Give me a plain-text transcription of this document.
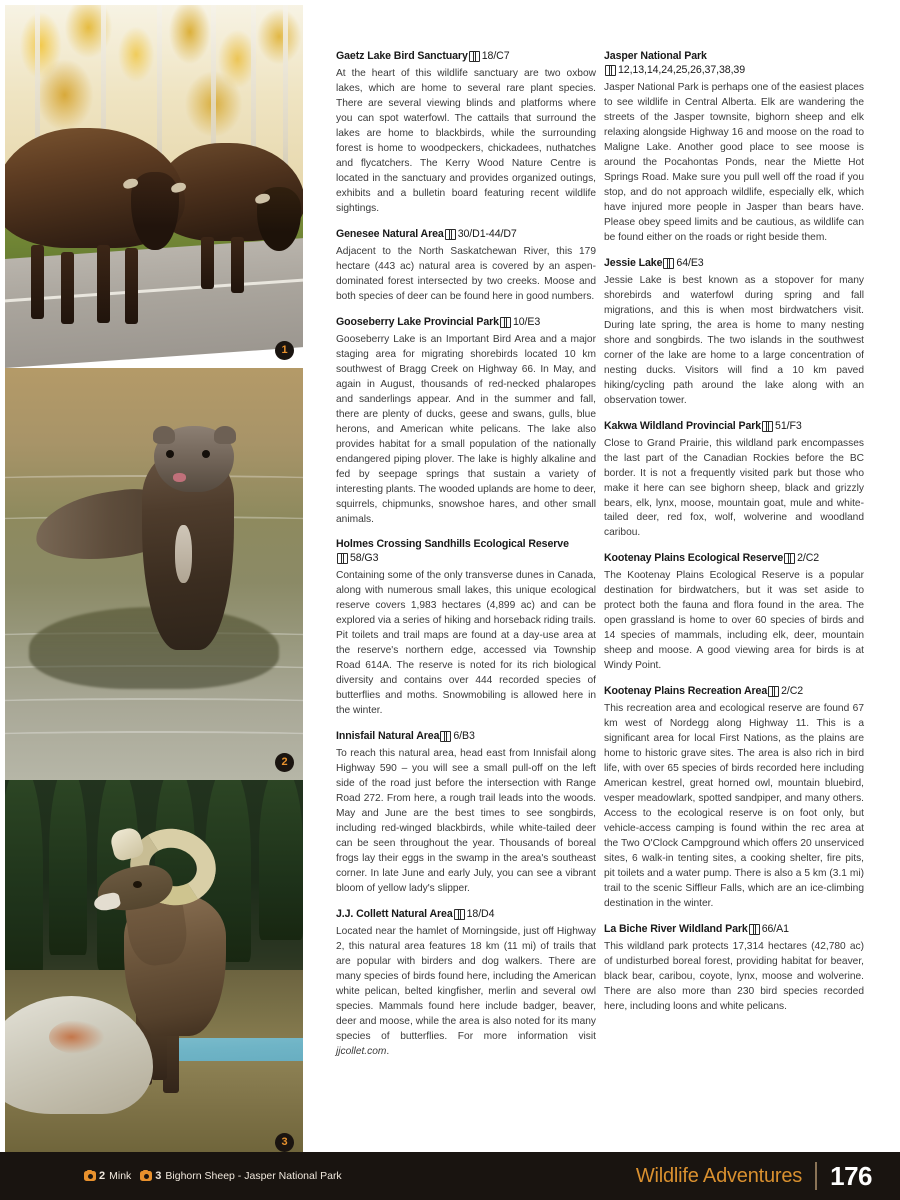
1
2
3
Gaetz Lake Bird Sanctuary 18/C7

At the heart of this wildlife sanctuary are two oxbow lakes, which are home to several rare plant species. There are several viewing blinds and platforms where you can spot waterfowl. The cattails that surround the lakes are home to blackbirds, while the surrounding forest is home to woodpeckers, chickadees, nuthatches and flycatchers. The Kerry Wood Nature Centre is located in the sanctuary and provides organized outings, exhibits and a bulletin board featuring recent wildlife sightings.

Genesee Natural Area 30/D1-44/D7

Adjacent to the North Saskatchewan River, this 179 hectare (443 ac) natural area is covered by an aspen-dominated forest intersected by two creeks. Moose and both species of deer can be found here in good numbers.

Gooseberry Lake Provincial Park 10/E3

Gooseberry Lake is an Important Bird Area and a major staging area for migrating shorebirds located 10 km southwest of Bragg Creek on Highway 66. In May, and again in August, thousands of red-necked phalaropes and sanderlings appear. And in the summer and fall, there are plenty of ducks, geese and swans, gulls, blue herons, and American white pelicans. The lake also provides habitat for a small population of the nationally endangered piping plover. The lake is highly alkaline and fed by seepage springs that sustain a variety of interesting plants. The wooded uplands are home to deer, squirrels, chipmunks, snowshoe hares, and other small animals.

Holmes Crossing Sandhills Ecological Reserve 58/G3

Containing some of the only transverse dunes in Canada, along with numerous small lakes, this unique ecological reserve covers 1,983 hectares (4,899 ac) and can be explored via a series of hiking and horseback riding trails. Pit toilets and trail maps are found at a day-use area at the reserve's northern edge, accessed via Township Road 614A. The reserve is noted for its rich biological diversity and contains over 444 recorded species of butterflies and moths. Snowmobiling is allowed here in the winter.

Innisfail Natural Area 6/B3

To reach this natural area, head east from Innisfail along Highway 590 – you will see a small pull-off on the left side of the road just before the intersection with Range Road 272. From here, a rough trail leads into the woods. May and June are the best times to see songbirds, including red-winged blackbirds, while white-tailed deer can be seen throughout the year. Thousands of boreal frogs lay their eggs in the swamp in the area's southeast corner. In late June and early July, you can see a vibrant bloom of yellow lady's slipper.

J.J. Collett Natural Area 18/D4

Located near the hamlet of Morningside, just off Highway 2, this natural area features 18 km (11 mi) of trails that are popular with birders and dog walkers. There are many species of birds found here, including the American white pelican, belted kingfisher, merlin and several owl species. Mammals found here include badger, beaver, deer and moose, while the area is also noted for its many species of butterflies. For more information visit jjcollet.com.

Jasper National Park
12,13,14,24,25,26,37,38,39

Jasper National Park is perhaps one of the easiest places to see wildlife in Central Alberta. Elk are wandering the streets of the Jasper townsite, bighorn sheep and elk relaxing alongside Highway 16 and moose on the road to Maligne Lake. Another good place to see moose is around the Pocahontas Ponds, near the Miette Hot Springs Road. Make sure you pull well off the road if you stop, and do not approach wildlife, especially elk, which have injured more people in Jasper than bears have. Please obey speed limits and be cautious, as wildlife can be found either on the roads or right beside them.

Jessie Lake 64/E3

Jessie Lake is best known as a stopover for many shorebirds and waterfowl during spring and fall migrations, and this is when most birdwatchers visit. During late spring, the area is home to many nesting shore and songbirds. The two islands in the southwest corner of the lake are home to a large concentration of nesting ducks. Visitors will find a 10 km paved hiking/cycling path around the lake along with an observation tower.

Kakwa Wildland Provincial Park 51/F3

Close to Grand Prairie, this wildland park encompasses the last part of the Canadian Rockies before the BC border. It is not a frequently visited park but those who make it here can see bighorn sheep, black and grizzly bears, elk, lynx, moose, mountain goat, mule and white-tailed deer, red fox, wolf, wolverine and woodland caribou.

Kootenay Plains Ecological Reserve 2/C2

The Kootenay Plains Ecological Reserve is a popular destination for birdwatchers, but it was set aside to protect both the fauna and flora found in the area. The open grassland is home to over 60 species of birds and 14 species of mammals, including elk, deer, mountain sheep and moose. A good viewing area for birds is at Windy Point.

Kootenay Plains Recreation Area 2/C2

This recreation area and ecological reserve are found 67 km west of Nordegg along Highway 11. This is a significant area for local First Nations, as the plains are home to historic grave sites. The area is also rich in bird life, with over 65 species of birds recorded here including American kestrel, great horned owl, mountain bluebird, vesper meadowlark, spotted sandpiper, and many others. Access to the ecological reserve is on foot only, but vehicle-access camping is found within the rec area at the Two O'Clock Campground which offers 20 unserviced sites, 6 walk-in tenting sites, a cooking shelter, fire pits, pit toilets and a water pump. There is also a 5 km (3.1 mi) trail to the scenic Siffleur Falls, which are an ice-climbing destination in the winter.

La Biche River Wildland Park 66/A1

This wildland park protects 17,314 hectares (42,780 ac) of undisturbed boreal forest, providing habitat for beaver, black bear, caribou, coyote, lynx, moose and wolverine. There are also more than 230 bird species recorded here, including loons and white pelicans.

2 Mink 3 Bighorn Sheep - Jasper National Park	Wildlife Adventures 176
